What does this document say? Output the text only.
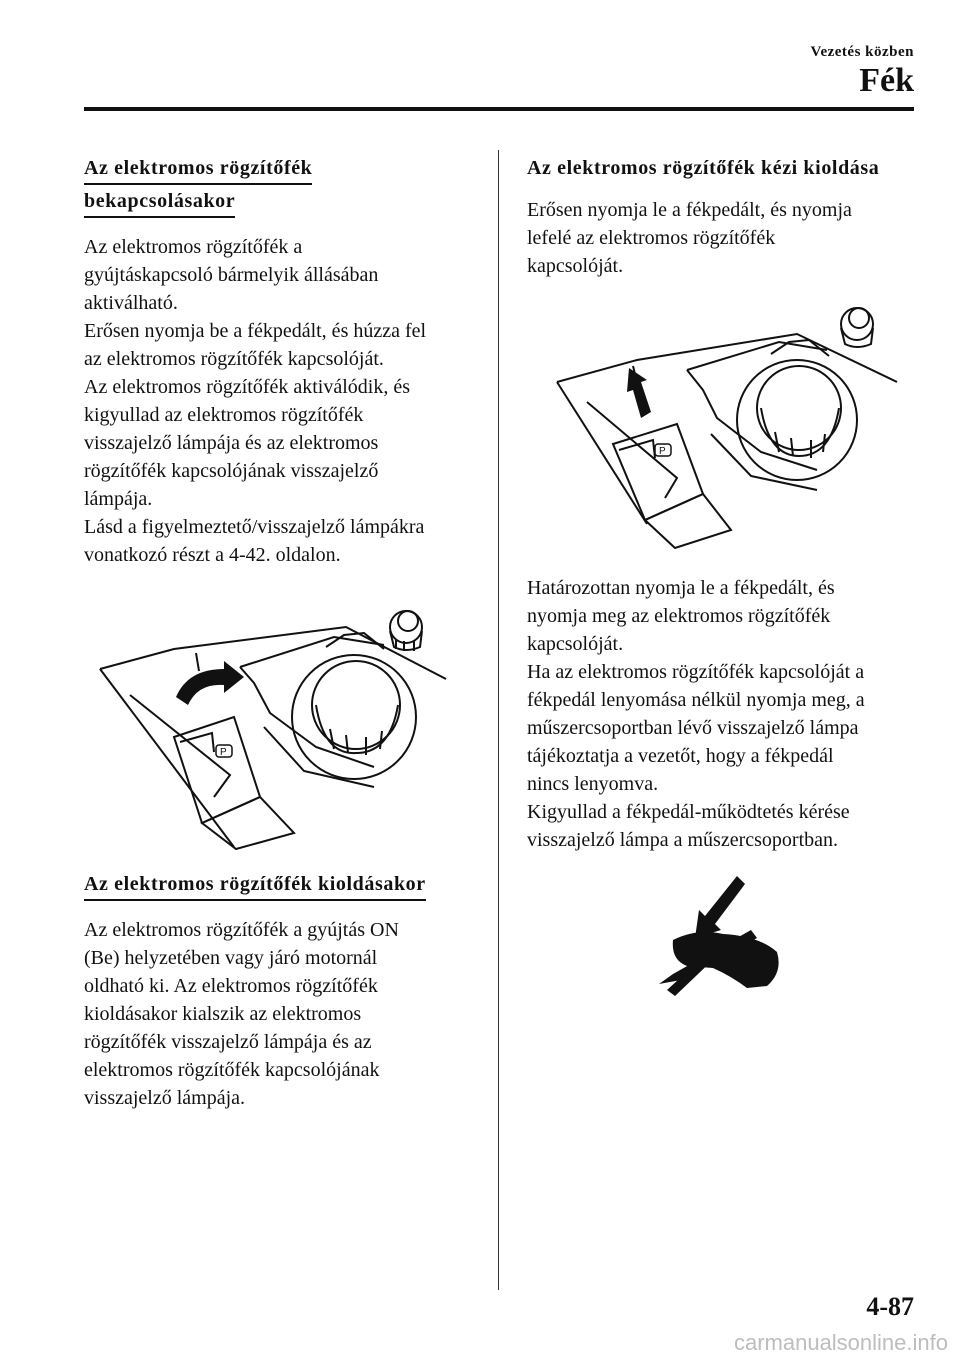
Vezetés közben
Fék
Az elektromos rögzítőfék
bekapcsolásakor

Az elektromos rögzítőfék a
gyújtáskapcsoló bármelyik állásában
aktiválható.
Erősen nyomja be a fékpedált, és húzza fel
az elektromos rögzítőfék kapcsolóját.
Az elektromos rögzítőfék aktiválódik, és
kigyullad az elektromos rögzítőfék
visszajelző lámpája és az elektromos
rögzítőfék kapcsolójának visszajelző
lámpája.
Lásd a figyelmeztető/visszajelző lámpákra
vonatkozó részt a 4-42. oldalon.

P
Az elektromos rögzítőfék kioldásakor

Az elektromos rögzítőfék a gyújtás ON
(Be) helyzetében vagy járó motornál
oldható ki. Az elektromos rögzítőfék
kioldásakor kialszik az elektromos
rögzítőfék visszajelző lámpája és az
elektromos rögzítőfék kapcsolójának
visszajelző lámpája.

Az elektromos rögzítőfék kézi kioldása

Erősen nyomja le a fékpedált, és nyomja
lefelé az elektromos rögzítőfék
kapcsolóját.

P

Határozottan nyomja le a fékpedált, és
nyomja meg az elektromos rögzítőfék
kapcsolóját.
Ha az elektromos rögzítőfék kapcsolóját a
fékpedál lenyomása nélkül nyomja meg, a
műszercsoportban lévő visszajelző lámpa
tájékoztatja a vezetőt, hogy a fékpedál
nincs lenyomva.
Kigyullad a fékpedál-működtetés kérése
visszajelző lámpa a műszercsoportban.

4-87
carmanualsonline.info
